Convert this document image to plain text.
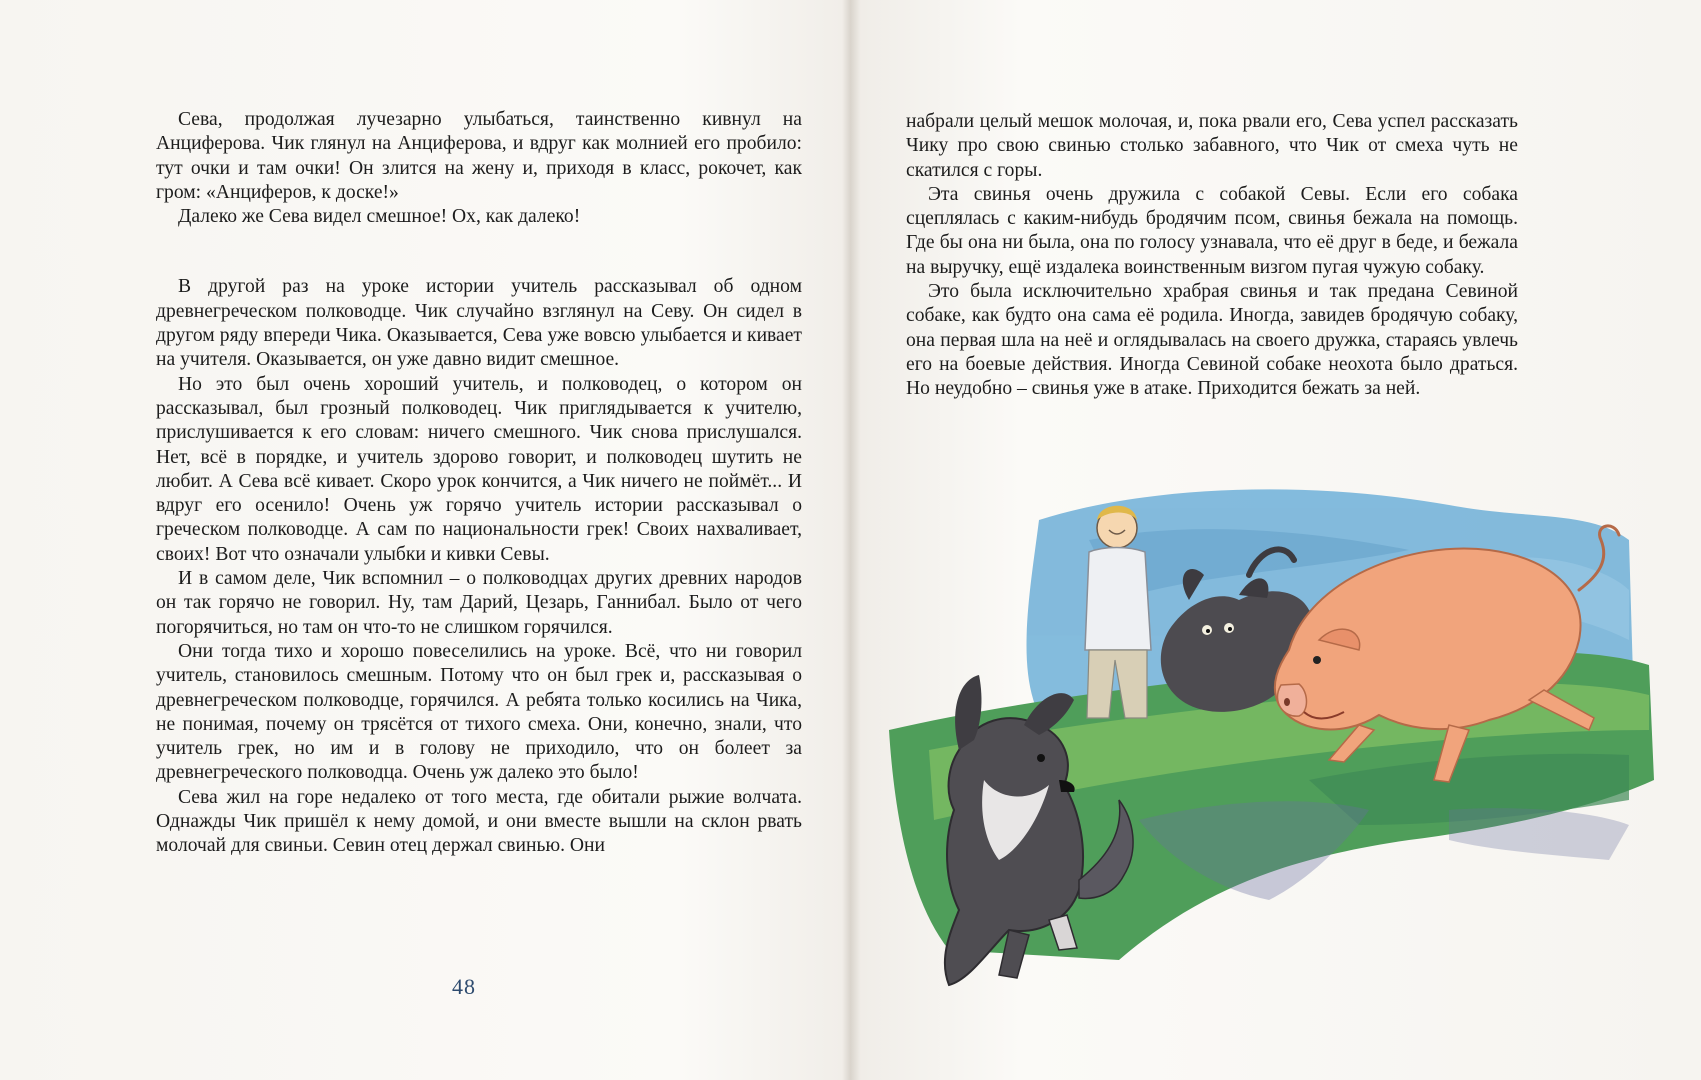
Сева, продолжая лучезарно улыбаться, таинственно кивнул на Анциферова. Чик глянул на Анциферова, и вдруг как молнией его пробило: тут очки и там очки! Он злится на жену и, приходя в класс, рокочет, как гром: «Анциферов, к доске!»

Далеко же Сева видел смешное! Ох, как далеко!

В другой раз на уроке истории учитель рассказывал об одном древнегреческом полководце. Чик случайно взглянул на Севу. Он сидел в другом ряду впереди Чика. Оказывается, Сева уже вовсю улыбается и кивает на учителя. Оказывается, он уже давно видит смешное.

Но это был очень хороший учитель, и полководец, о котором он рассказывал, был грозный полководец. Чик приглядывается к учителю, прислушивается к его словам: ничего смешного. Чик снова прислушался. Нет, всё в порядке, и учитель здорово говорит, и полководец шутить не любит. А Сева всё кивает. Скоро урок кончится, а Чик ничего не поймёт... И вдруг его осенило! Очень уж горячо учитель истории рассказывал о греческом полководце. А сам по национальности грек! Своих нахваливает, своих! Вот что означали улыбки и кивки Севы.

И в самом деле, Чик вспомнил – о полководцах других древних народов он так горячо не говорил. Ну, там Дарий, Цезарь, Ганнибал. Было от чего погорячиться, но там он что-то не слишком горячился.

Они тогда тихо и хорошо повеселились на уроке. Всё, что ни говорил учитель, становилось смешным. Потому что он был грек и, рассказывая о древнегреческом полководце, горячился. А ребята только косились на Чика, не понимая, почему он трясётся от тихого смеха. Они, конечно, знали, что учитель грек, но им и в голову не приходило, что он болеет за древнегреческого полководца. Очень уж далеко это было!

Сева жил на горе недалеко от того места, где обитали рыжие волчата. Однажды Чик пришёл к нему домой, и они вместе вышли на склон рвать молочай для свиньи. Севин отец держал свинью. Они

48

набрали целый мешок молочая, и, пока рвали его, Сева успел рассказать Чику про свою свинью столько забавного, что Чик от смеха чуть не скатился с горы.

Эта свинья очень дружила с собакой Севы. Если его собака сцеплялась с каким-нибудь бродячим псом, свинья бежала на помощь. Где бы она ни была, она по голосу узнавала, что её друг в беде, и бежала на выручку, ещё издалека воинственным визгом пугая чужую собаку.

Это была исключительно храбрая свинья и так предана Севиной собаке, как будто она сама её родила. Иногда, завидев бродячую собаку, она первая шла на неё и оглядывалась на своего дружка, стараясь увлечь его на боевые действия. Иногда Севиной собаке неохота было драться. Но неудобно – свинья уже в атаке. Приходится бежать за ней.
